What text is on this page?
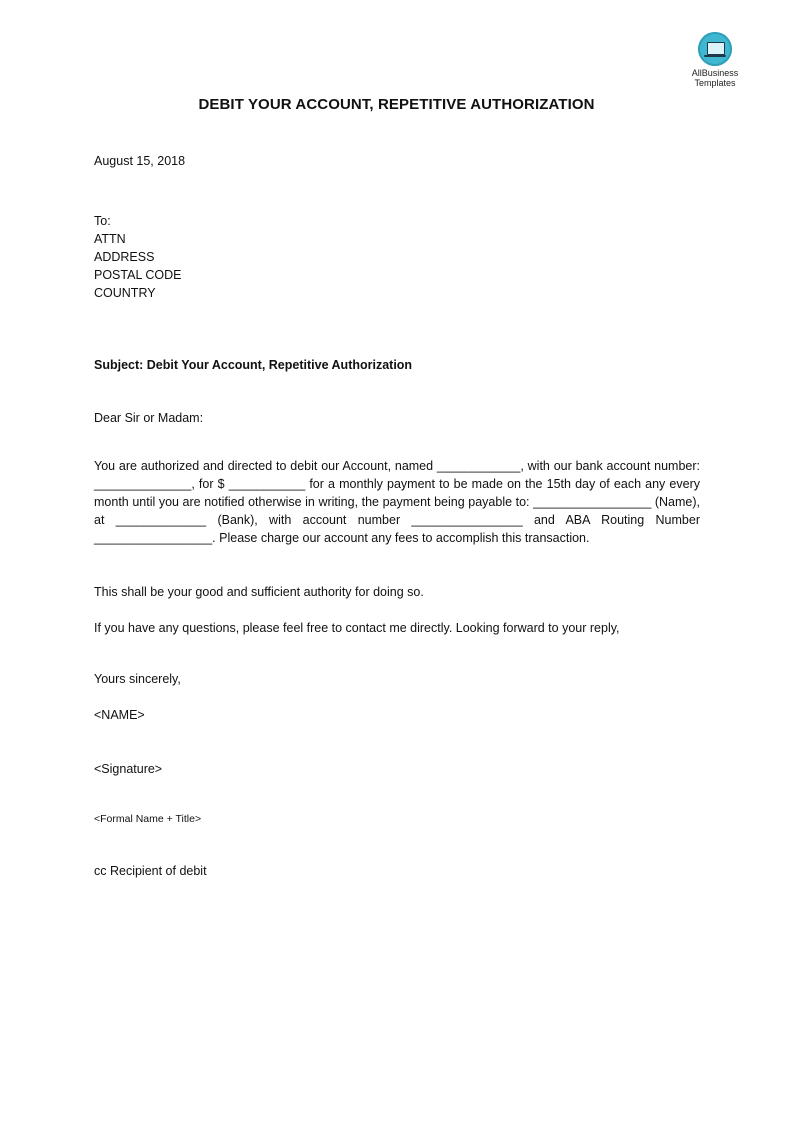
AllBusiness
Templates
DEBIT YOUR ACCOUNT, REPETITIVE AUTHORIZATION
August 15, 2018
To:
ATTN
ADDRESS
POSTAL CODE
COUNTRY
Subject: Debit Your Account, Repetitive Authorization
Dear Sir or Madam:
You are authorized and directed to debit our Account, named ____________, with our bank account number: ______________, for $ ___________ for a monthly payment to be made on the 15th day of each any every month until you are notified otherwise in writing, the payment being payable to: _________________ (Name), at _____________ (Bank), with account number ________________ and ABA Routing Number _________________. Please charge our account any fees to accomplish this transaction.
This shall be your good and sufficient authority for doing so.
If you have any questions, please feel free to contact me directly. Looking forward to your reply,
Yours sincerely,
<NAME>
<Signature>
<Formal Name + Title>
cc Recipient of debit
